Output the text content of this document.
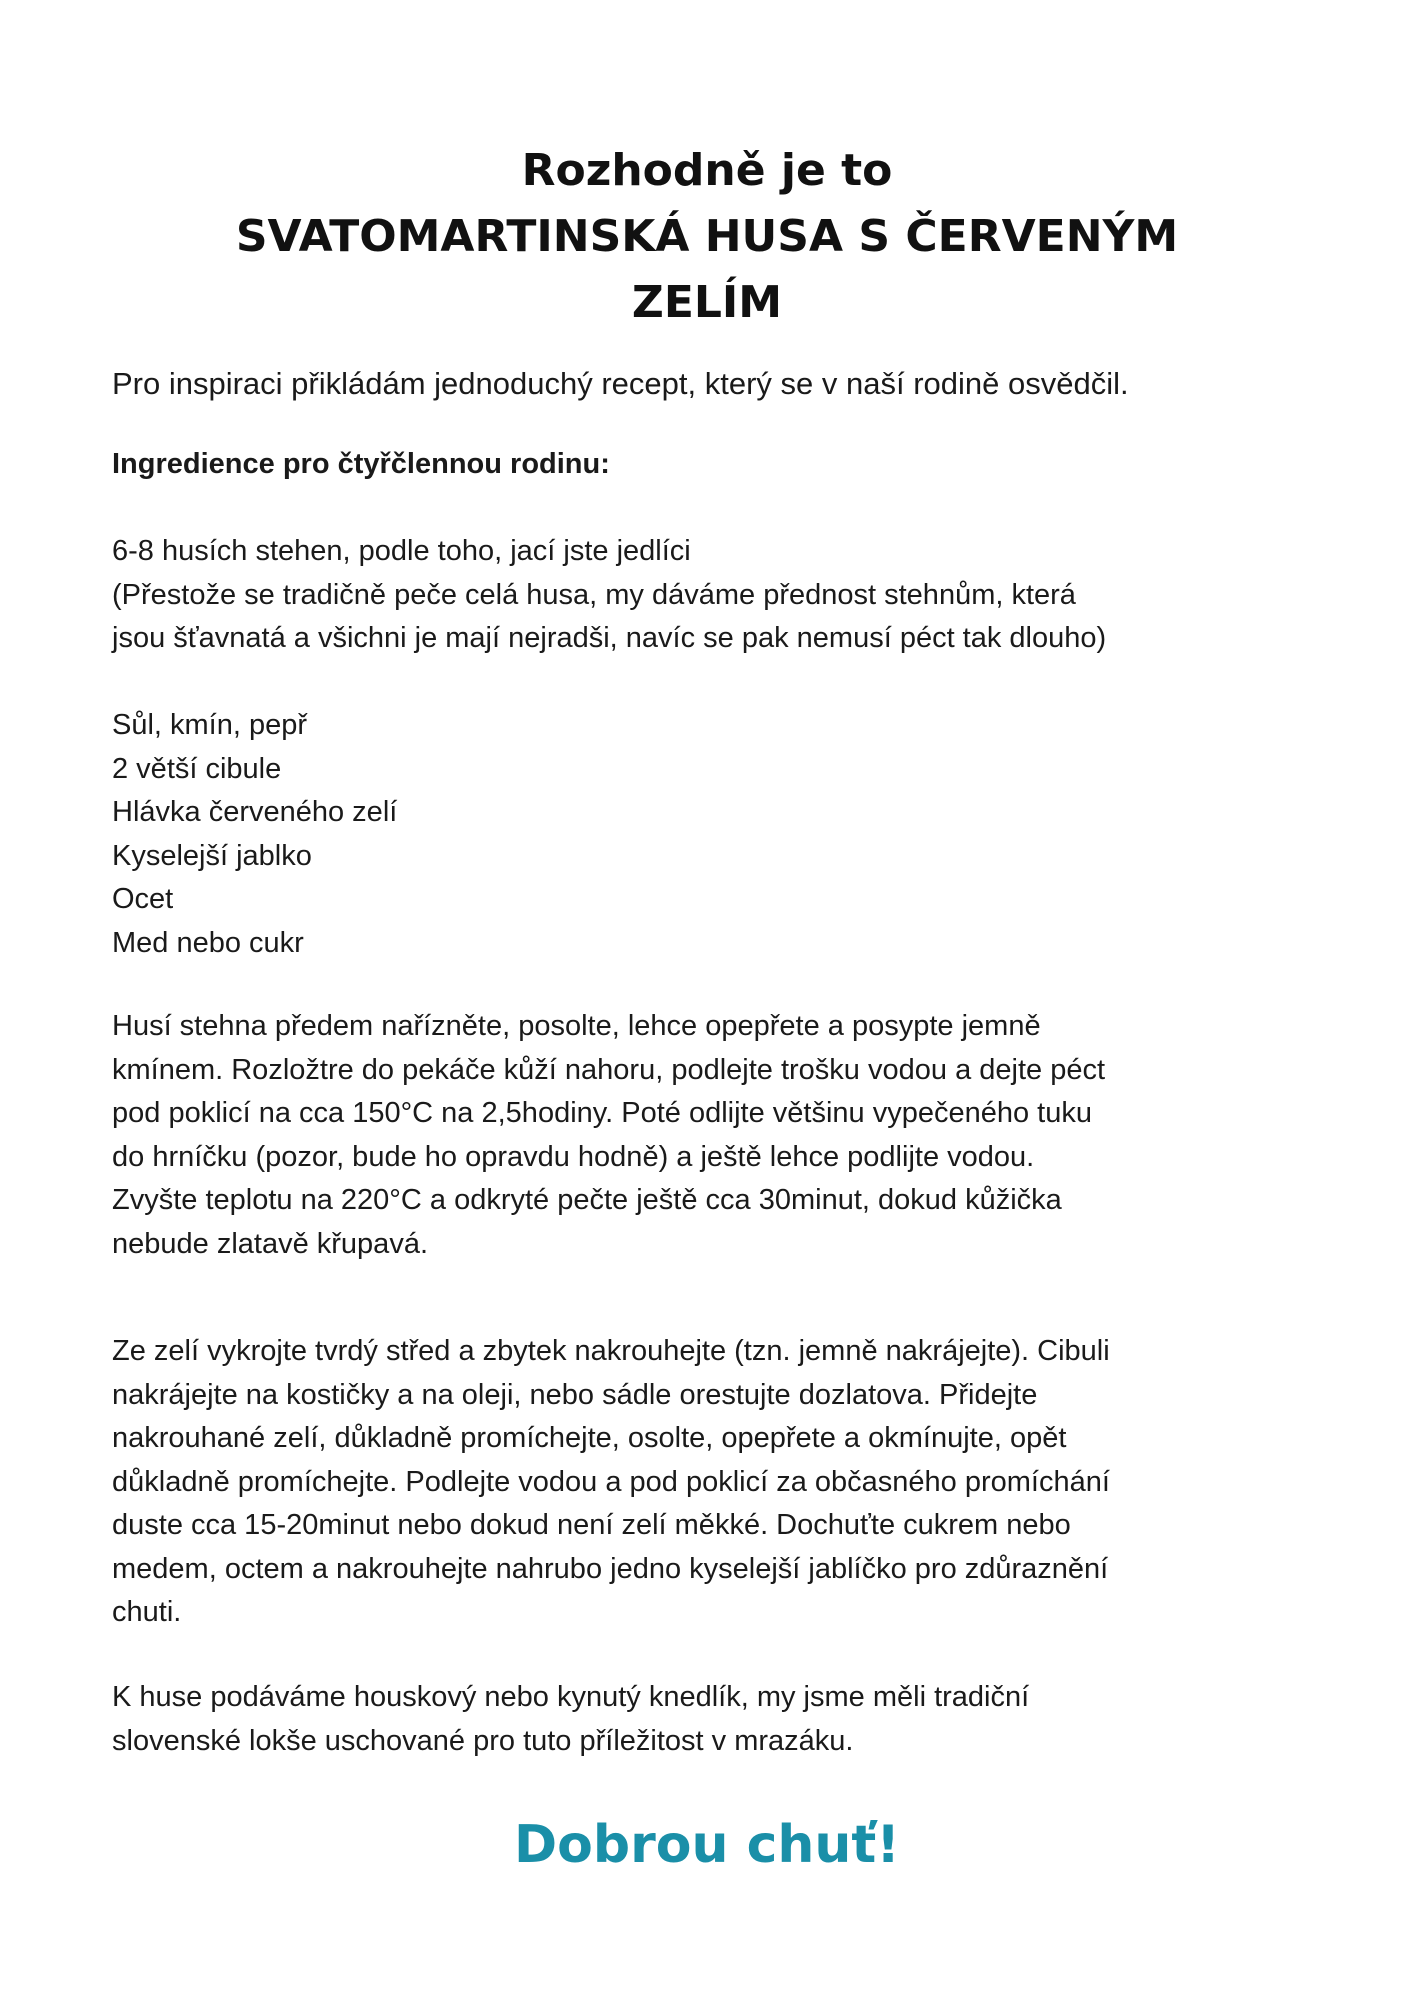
Rozhodně je to
SVATOMARTINSKÁ HUSA S ČERVENÝM
ZELÍM

Pro inspiraci přikládám jednoduchý recept, který se v naší rodině osvědčil.

Ingredience pro čtyřčlennou rodinu:

6-8 husích stehen, podle toho, jací jste jedlíci
(Přestože se tradičně peče celá husa, my dáváme přednost stehnům, která
jsou šťavnatá a všichni je mají nejradši, navíc se pak nemusí péct tak dlouho)

Sůl, kmín, pepř
2 větší cibule
Hlávka červeného zelí
Kyselejší jablko
Ocet
Med nebo cukr

Husí stehna předem nařízněte, posolte, lehce opepřete a posypte jemně
kmínem. Rozložtre do pekáče kůží nahoru, podlejte trošku vodou a dejte péct
pod poklicí na cca 150°C na 2,5hodiny. Poté odlijte většinu vypečeného tuku
do hrníčku (pozor, bude ho opravdu hodně) a ještě lehce podlijte vodou.
Zvyšte teplotu na 220°C a odkryté pečte ještě cca 30minut, dokud kůžička
nebude zlatavě křupavá.

Ze zelí vykrojte tvrdý střed a zbytek nakrouhejte (tzn. jemně nakrájejte). Cibuli
nakrájejte na kostičky a na oleji, nebo sádle orestujte dozlatova. Přidejte
nakrouhané zelí, důkladně promíchejte, osolte, opepřete a okmínujte, opět
důkladně promíchejte. Podlejte vodou a pod poklicí za občasného promíchání
duste cca 15-20minut nebo dokud není zelí měkké. Dochuťte cukrem nebo
medem, octem a nakrouhejte nahrubo jedno kyselejší jablíčko pro zdůraznění
chuti.

K huse podáváme houskový nebo kynutý knedlík, my jsme měli tradiční
slovenské lokše uschované pro tuto příležitost v mrazáku.

Dobrou chuť!
